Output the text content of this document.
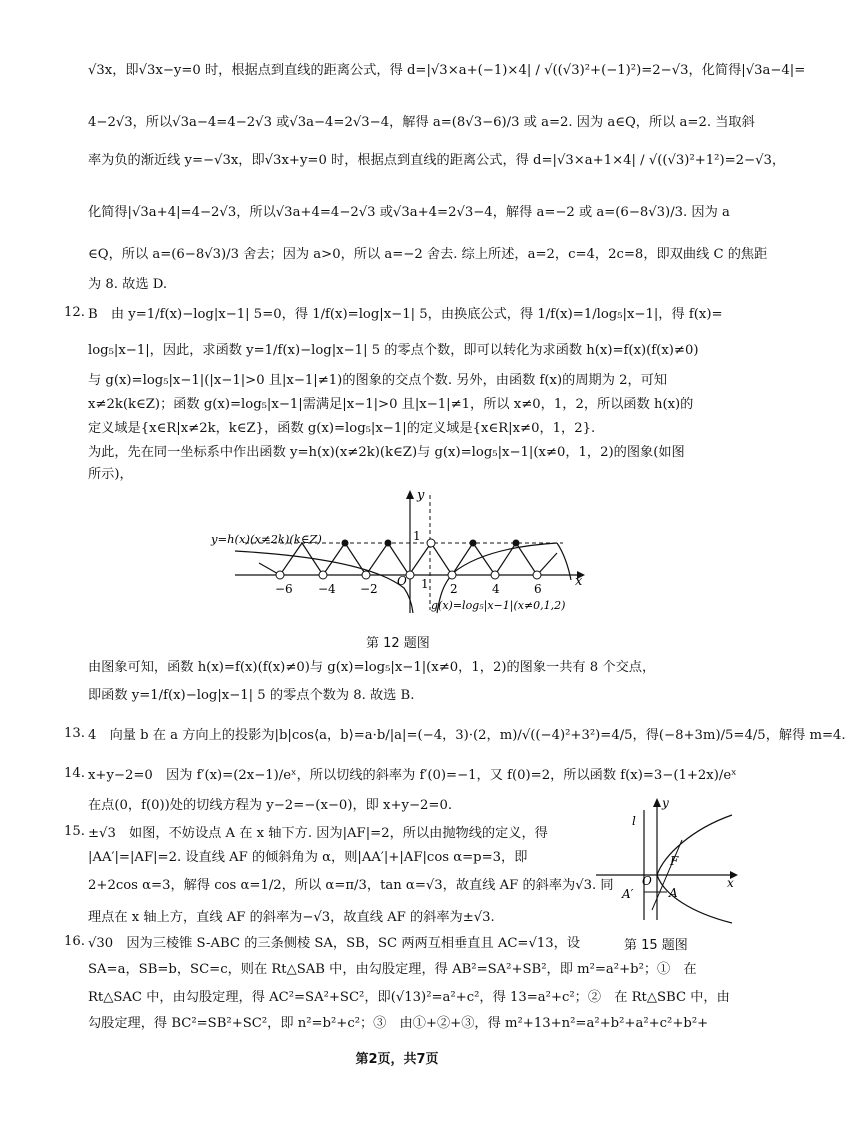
√3x，即√3x−y=0 时，根据点到直线的距离公式，得 d=|√3×a+(−1)×4| / √((√3)²+(−1)²)=2−√3，化简得|√3a−4|=
4−2√3，所以√3a−4=4−2√3 或√3a−4=2√3−4，解得 a=(8√3−6)/3 或 a=2. 因为 a∈Q，所以 a=2. 当取斜
率为负的渐近线 y=−√3x，即√3x+y=0 时，根据点到直线的距离公式，得 d=|√3×a+1×4| / √((√3)²+1²)=2−√3，
化简得|√3a+4|=4−2√3，所以√3a+4=4−2√3 或√3a+4=2√3−4，解得 a=−2 或 a=(6−8√3)/3. 因为 a
∈Q，所以 a=(6−8√3)/3 舍去；因为 a>0，所以 a=−2 舍去. 综上所述，a=2，c=4，2c=8，即双曲线 C 的焦距
为 8. 故选 D.
12. B　由 y=1/f(x)−log|x−1| 5=0，得 1/f(x)=log|x−1| 5，由换底公式，得 1/f(x)=1/log₅|x−1|，得 f(x)=
log₅|x−1|，因此，求函数 y=1/f(x)−log|x−1| 5 的零点个数，即可以转化为求函数 h(x)=f(x)(f(x)≠0)
与 g(x)=log₅|x−1|(|x−1|>0 且|x−1|≠1)的图象的交点个数. 另外，由函数 f(x)的周期为 2，可知
x≠2k(k∈Z)；函数 g(x)=log₅|x−1|需满足|x−1|>0 且|x−1|≠1，所以 x≠0，1，2，所以函数 h(x)的
定义域是{x∈R|x≠2k，k∈Z}，函数 g(x)=log₅|x−1|的定义域是{x∈R|x≠0，1，2}.
为此，先在同一坐标系中作出函数 y=h(x)(x≠2k)(k∈Z)与 g(x)=log₅|x−1|(x≠0，1，2)的图象(如图
所示)，
−6 −4 −2
O 1 2	4	6
1
x
y
y=h(x)(x≠2k)(k∈Z)
g(x)=log₅|x−1|(x≠0,1,2)
第 12 题图
由图象可知，函数 h(x)=f(x)(f(x)≠0)与 g(x)=log₅|x−1|(x≠0，1，2)的图象一共有 8 个交点，
即函数 y=1/f(x)−log|x−1| 5 的零点个数为 8. 故选 B.
13. 4　向量 b 在 a 方向上的投影为|b|cos⟨a，b⟩=a·b/|a|=(−4，3)·(2，m)/√((−4)²+3²)=4/5，得(−8+3m)/5=4/5，解得 m=4.
14. x+y−2=0　因为 f′(x)=(2x−1)/eˣ，所以切线的斜率为 f′(0)=−1，又 f(0)=2，所以函数 f(x)=3−(1+2x)/eˣ
在点(0，f(0))处的切线方程为 y−2=−(x−0)，即 x+y−2=0.
15. ±√3　如图，不妨设点 A 在 x 轴下方. 因为|AF|=2，所以由抛物线的定义，得
|AA′|=|AF|=2. 设直线 AF 的倾斜角为 α，则|AA′|+|AF|cos α=p=3，即
2+2cos α=3，解得 cos α=1/2，所以 α=π/3，tan α=√3，故直线 AF 的斜率为√3. 同
理点在 x 轴上方，直线 AF 的斜率为−√3，故直线 AF 的斜率为±√3.
y
x
l
O
F
A′	A
第 15 题图
16. √30　因为三棱锥 S-ABC 的三条侧棱 SA，SB，SC 两两互相垂直且 AC=√13，设
SA=a，SB=b，SC=c，则在 Rt△SAB 中，由勾股定理，得 AB²=SA²+SB²，即 m²=a²+b²；①　在
Rt△SAC 中，由勾股定理，得 AC²=SA²+SC²，即(√13)²=a²+c²，得 13=a²+c²；②　在 Rt△SBC 中，由
勾股定理，得 BC²=SB²+SC²，即 n²=b²+c²；③　由①+②+③，得 m²+13+n²=a²+b²+a²+c²+b²+
第2页，共7页
